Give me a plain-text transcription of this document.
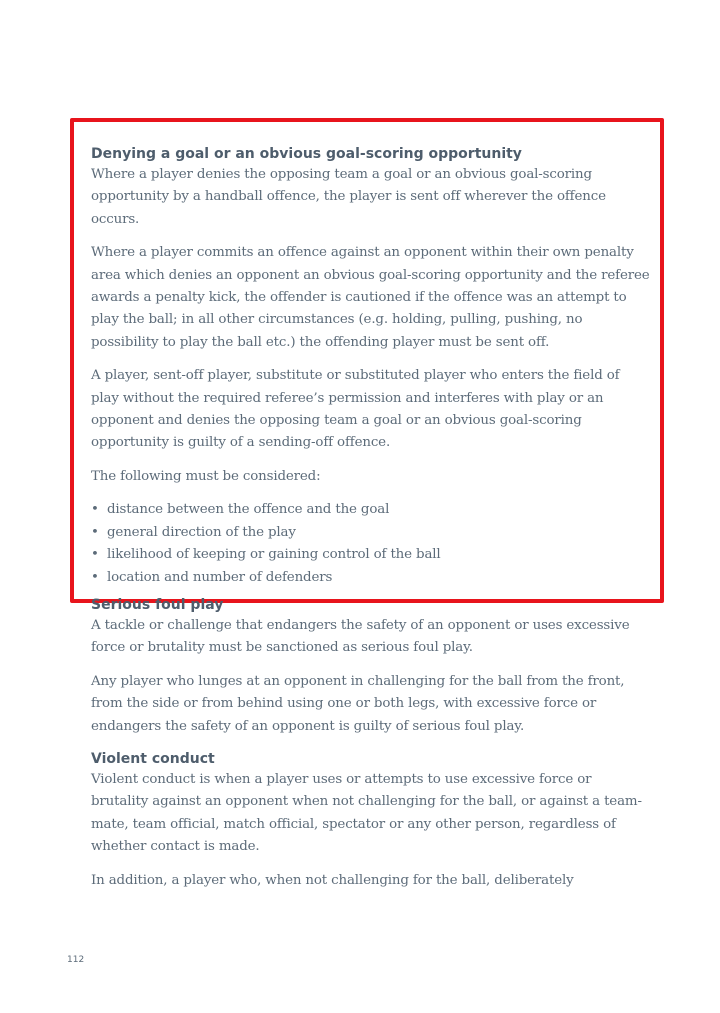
Denying a goal or an obvious goal-scoring opportunity

Where a player denies the opposing team a goal or an obvious goal-scoring opportunity by a handball offence, the player is sent off wherever the offence occurs.

Where a player commits an offence against an opponent within their own penalty area which denies an opponent an obvious goal-scoring opportunity and the referee awards a penalty kick, the offender is cautioned if the offence was an attempt to play the ball; in all other circumstances (e.g. holding, pulling, pushing, no possibility to play the ball etc.) the offending player must be sent off.

A player, sent-off player, substitute or substituted player who enters the field of play without the required referee’s permission and interferes with play or an opponent and denies the opposing team a goal or an obvious goal-scoring opportunity is guilty of a sending-off offence.

The following must be considered:

• distance between the offence and the goal
• general direction of the play
• likelihood of keeping or gaining control of the ball
• location and number of defenders
Serious foul play

A tackle or challenge that endangers the safety of an opponent or uses excessive force or brutality must be sanctioned as serious foul play.

Any player who lunges at an opponent in challenging for the ball from the front, from the side or from behind using one or both legs, with excessive force or endangers the safety of an opponent is guilty of serious foul play.

Violent conduct

Violent conduct is when a player uses or attempts to use excessive force or brutality against an opponent when not challenging for the ball, or against a team-mate, team official, match official, spectator or any other person, regardless of whether contact is made.

In addition, a player who, when not challenging for the ball, deliberately

112
